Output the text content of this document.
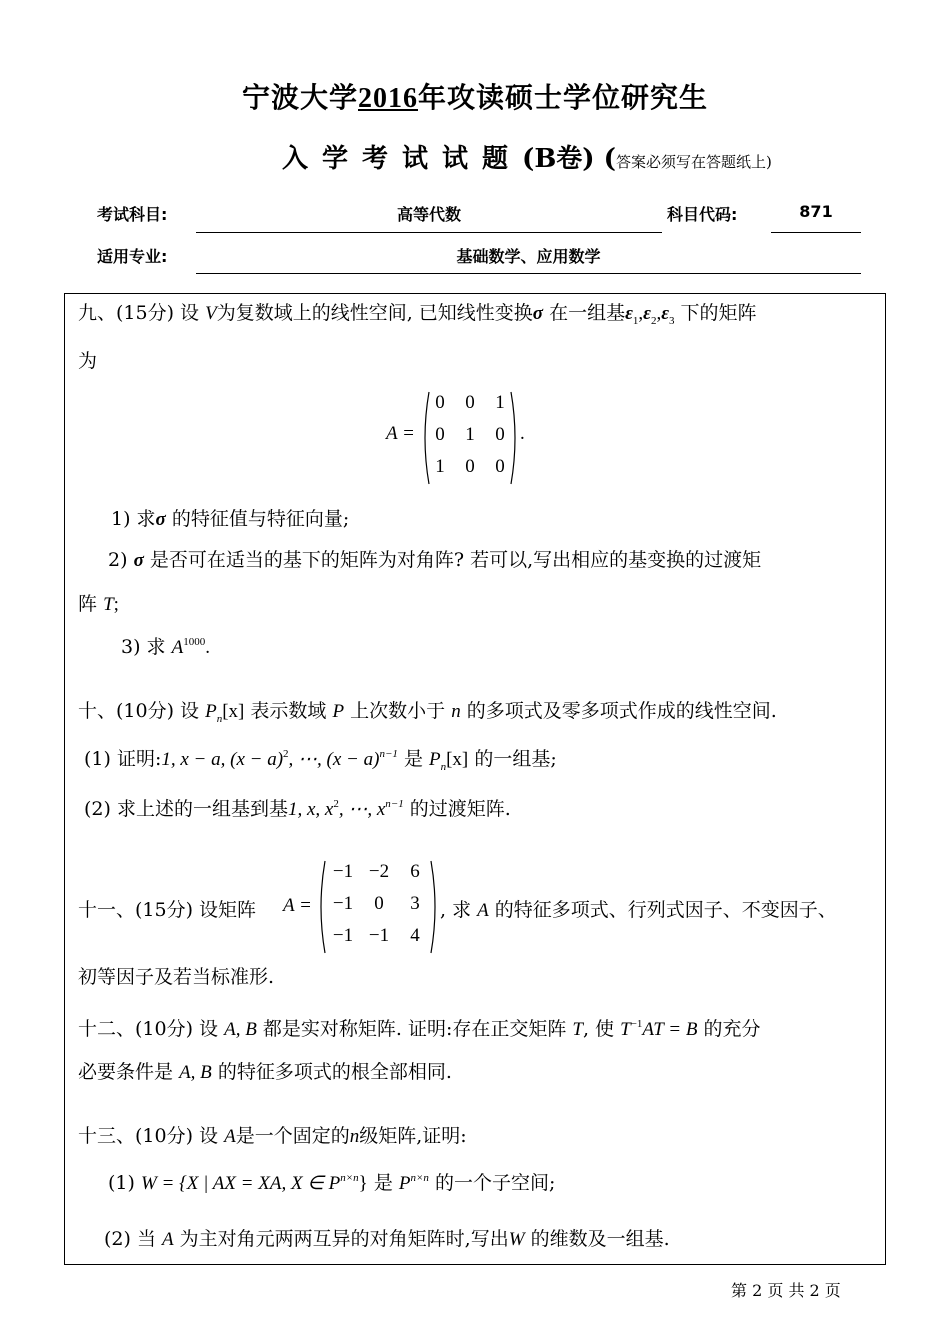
宁波大学2016年攻读硕士学位研究生
入学考试试题(B卷) (答案必须写在答题纸上)
考试科目:	高等代数	科目代码:	871
适用专业:	基础数学、应用数学
九、(15分) 设 V为复数域上的线性空间, 已知线性变换σ 在一组基$\varepsilon_1,\varepsilon_2,\varepsilon_3$ 下的矩阵
为
A =
0	0	1
0	1	0
1	0	0
.
1) 求σ 的特征值与特征向量;
2) σ 是否可在适当的基下的矩阵为对角阵? 若可以,写出相应的基变换的过渡矩
阵 T;
3) 求 $A^{1000}$.
十、(10分) 设 $P_n[x]$ 表示数域 P 上次数小于 n 的多项式及零多项式作成的线性空间.
(1) 证明:1, x − a, $(x - a)^2$, ⋯, $(x - a)^{n-1}$ 是 $P_n[x]$ 的一组基;
(2) 求上述的一组基到基1, x, $x^2$, ⋯, $x^{n-1}$ 的过渡矩阵.
十一、(15分) 设矩阵 A =
−1 −2	6
−1	0	3
−1 −1	4
, 求 A 的特征多项式、行列式因子、不变因子、
初等因子及若当标准形.
十二、(10分) 设 A, B 都是实对称矩阵. 证明:存在正交矩阵 T, 使 $T^{-1}AT = B$ 的充分
必要条件是 A, B 的特征多项式的根全部相同.
十三、(10分) 设 A是一个固定的n级矩阵,证明:
(1) W = {X | AX = XA, X ∈ $P^{n\times n}$} 是 $P^{n\times n}$ 的一个子空间;
(2) 当 A 为主对角元两两互异的对角矩阵时,写出W 的维数及一组基.
第 2 页 共 2 页
